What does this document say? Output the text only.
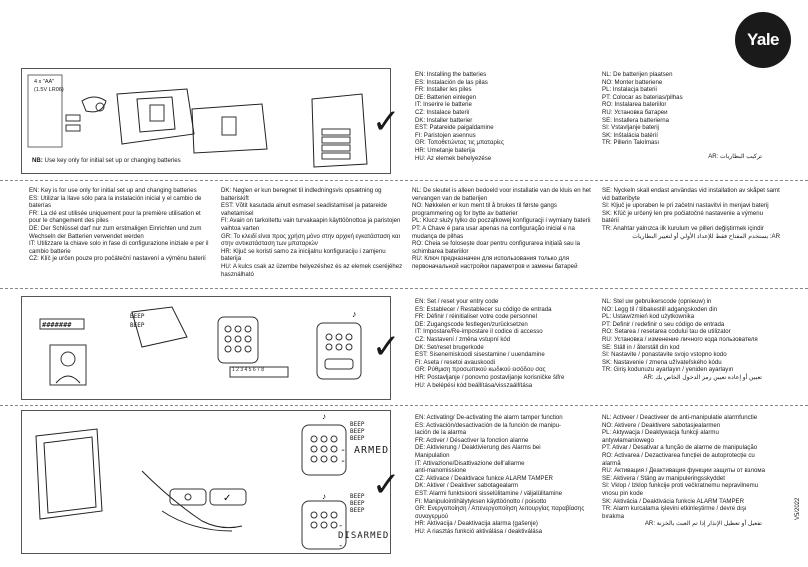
Yale
4 x "AA"
(1.5V LR06)
NB: Use key only for initial set up or changing batteries
✓
EN: Installing the batteries
ES: Instalación de las pilas
FR: Installer les piles
DE: Batterien einlegen
IT: Inserire le batterie
CZ: Instalace baterií
DK: Installer batterier
EST: Patareide paigaldamine
FI: Paristojen asennus
GR: Τοποθετώντας τις μπαταρίες
HR: Umetanje baterija
HU: Az elemek behelyezése
NL: De batterijen plaatsen
NO: Monter batteriene
PL: Instalacja baterii
PT: Colocar as baterias/pilhas
RO: Instalarea bateriilor
RU: Установка батареи
SE: Installera batterierna
SI: Vstavljanje baterij
SK: Inštalácia batérií
TR: Pillerin Takılması
AR: تركيب البطاريات
EN: Key is for use only for initial set up and changing batteries
ES: Utilizar la llave sólo para la instalación inicial y el cambio de baterías
FR: La clé est utilisée uniquement pour la première utilisation et pour le changement des piles
DE: Der Schlüssel darf nur zum erstmaligen Einrichten und zum Wechseln der Batterien verwendet werden
IT: Utilizzare la chiave solo in fase di configurazione iniziale e per il cambio batterie
CZ: Klíč je určen pouze pro počáteční nastavení a výměnu baterií
DK: Nøglen er kun beregnet til indledningsvis opsætning og batteriskift
EST: Võtit kasutada ainult esmasel seadistamisel ja patareide vahetamisel
FI: Avain on tarkoitettu vain turvakaapin käyttöönottoa ja paristojen vaihtoa varten
GR: Το κλειδί είναι προς χρήση μόνο στην αρχική εγκατάσταση και στην αντικατάσταση των μπαταριών
HR: Ključ se koristi samo za inicijalnu konfiguraciju i zamjenu baterija
HU: A kulcs csak az üzembe helyezéshez és az elemek cseréjéhez használható
NL: De sleutel is alleen bedoeld voor installatie van de kluis en het vervangen van de batterijen
NO: Nøkkelen er kun ment til å brukes til første gangs programmering og for bytte av batterier
PL: Klucz służy tylko do początkowej konfiguracji i wymiany baterii
PT: A Chave é para usar apenas na configuração inicial e na mudança de pilhas
RO: Cheia se folosește doar pentru configurarea inițială sau la schimbarea bateriilor
RU: Ключ предназначен для использования только для первоначальной настройки параметров и замены батарей
SE: Nyckeln skall endast användas vid installation av skåpet samt vid batteribyte
SI: Ključ je uporaben le pri začetni nastavitvi in menjavi baterij
SK: Kľúč je určený len pre počiatočné nastavenie a výmenu batérií
TR: Anahtar yalnızca ilk kurulum ve pilleri değiştirmek içindir
AR: يستخدم المفتاح فقط للإعداد الأولي أو لتغيير البطاريات
#######
♪
BEEP
BEEP
1 2 3 4 5 6 7 8
✓
EN: Set / reset your entry code
ES: Establecer / Restablecer su código de entrada
FR: Définir / réinitialiser votre code personnel
DE: Zugangscode festlegen/zurücksetzen
IT: Impostare/Re-impostare il codice di accesso
CZ: Nastavení / změna vstupní kód
DK: Set/reset brugerkode
EST: Sisenemiskoodi sisestamine / uuendamine
FI: Aseta / resetoi avauskoodi
GR: Ρύθμιση προσωπικού κωδικού εισόδου σας
HR: Postavljanje / ponovno postavljanje korisničke šifre
HU: A belépési kód beállítása/visszaállítása
NL: Stel uw gebruikerscode (opnieuw) in
NO: Legg til / tilbakestill adgangskoden din
PL: Ustaw/zmień kod użytkownika
PT: Definir / redefinir o seu código de entrada
RO: Setarea / resetarea codului tau de utilizator
RU: Установка / изменение личного кода пользователя
SE: Ställ in / återställ din kod
SI: Nastavite / ponastavite svojo vstopno kodo
SK: Nastavenie / zmena užívateľského kódu
TR: Giriş kodunuzu ayarlayın / yeniden ayarlayın
AR: تعيين أو إعادة تعيين رمز الدخول الخاص بك
✓
♪
♪
BEEP
BEEP
BEEP
- ARMED -
BEEP
BEEP
BEEP
- DISARMED -
✓
EN: Activating/ De-activating the alarm tamper function
ES: Activación/desactivación de la función de manipu-
lación de la alarma
FR: Activer / Désactiver la fonction alarme
DE: Aktivierung / Deaktivierung des Alarms bei
Manipulation
IT: Attivazione/Disattivazione dell'allarme
anti-manomissione
CZ: Aktivace / Deaktivace funkce ALARM TAMPER
DK: Aktiver / Deaktiver sabotagealarm
EST: Alarmi funktsiooni sisselülitamine / väljalülitamine
FI: Manipulointihälytyksen käyttöönotto / poisotto
GR: Ενεργοποίηση / Απενεργοποίηση λειτουργίας παραβίασης
συναγερμού
HR: Aktivacija / Deaktivacija alarma (gašenje)
HU: A riasztás funkció aktiválása / deaktiválása
NL: Activeer / Deactiveer de anti-manipulatie alarmfunctie
NO: Aktivere / Deaktivere sabotasjealarmen
PL: Aktywacja / Deaktywacja funkcji alarmu
antywłamaniowego
PT: Ativar / Desativar a função de alarme de manipulação
RO: Activarea / Dezactivarea funcției de autoprotecție cu
alarmă
RU: Активация / Деактивация функции защиты от взлома
SE: Aktivera / Stäng av manipuleringsskyddet
SI: Vklop / Izklop funkcije proti večkratnemu nepravilnemu
vnosu pin kode
SK: Aktivácia / Deaktivácia funkcie ALARM TAMPER
TR: Alarm kurcalama işlevini etkinleştirme / devre dışı
bırakma
AR: تفعيل أو تعطيل الإنذار إذا تم العبث بالخزنة
V5/2022
